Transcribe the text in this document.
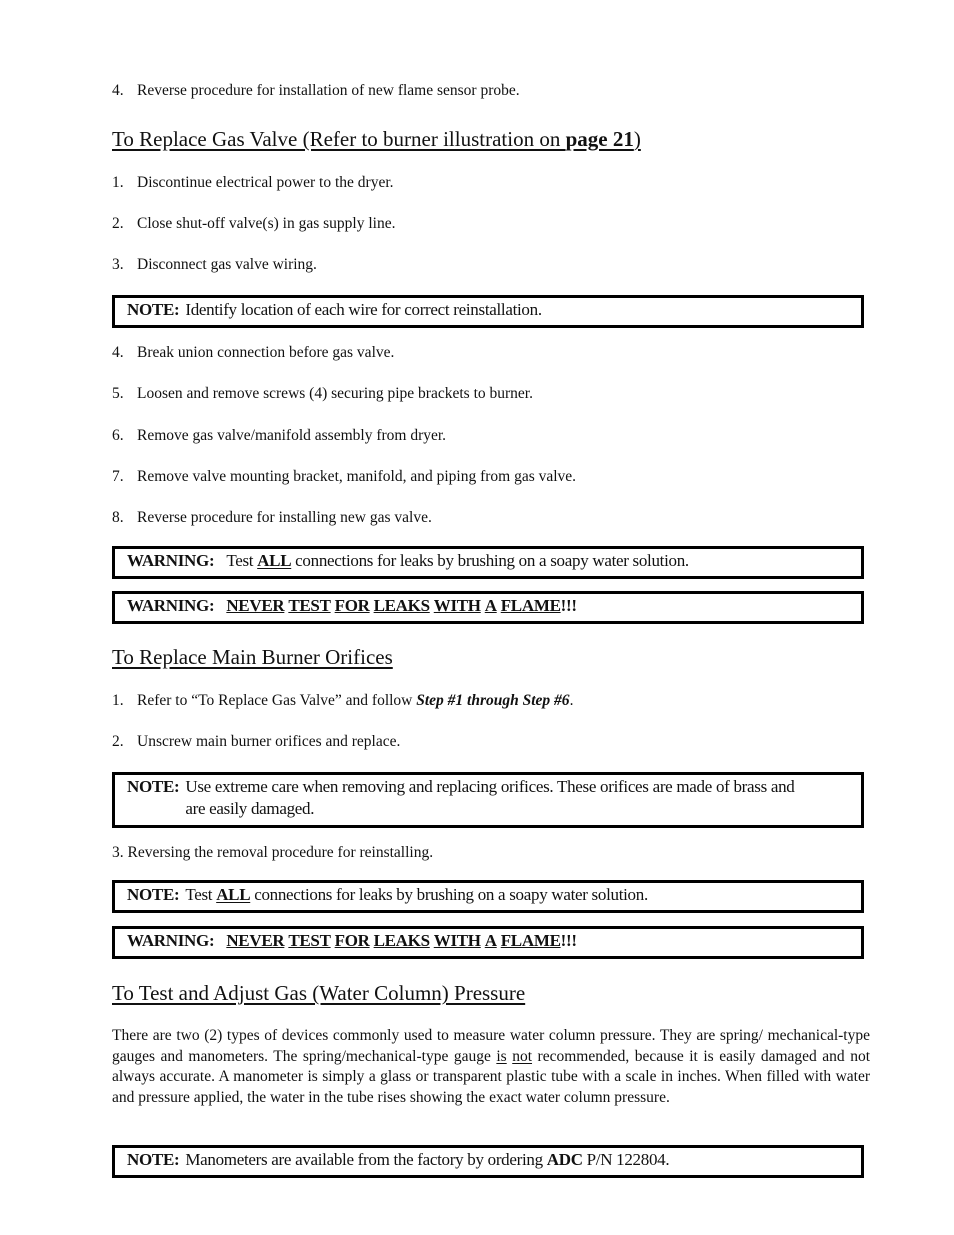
4. Reverse procedure for installation of new flame sensor probe.
To Replace Gas Valve (Refer to burner illustration on page 21)
1. Discontinue electrical power to the dryer.
2. Close shut-off valve(s) in gas supply line.
3. Disconnect gas valve wiring.
NOTE: Identify location of each wire for correct reinstallation.
4. Break union connection before gas valve.
5. Loosen and remove screws (4) securing pipe brackets to burner.
6. Remove gas valve/manifold assembly from dryer.
7. Remove valve mounting bracket, manifold, and piping from gas valve.
8. Reverse procedure for installing new gas valve.
WARNING: Test ALL connections for leaks by brushing on a soapy water solution.
WARNING: NEVER TEST FOR LEAKS WITH A FLAME!!!
To Replace Main Burner Orifices
1. Refer to “To Replace Gas Valve” and follow Step #1 through Step #6.
2. Unscrew main burner orifices and replace.
NOTE: Use extreme care when removing and replacing orifices. These orifices are made of brass and
are easily damaged.
3. Reversing the removal procedure for reinstalling.
NOTE: Test ALL connections for leaks by brushing on a soapy water solution.
WARNING: NEVER TEST FOR LEAKS WITH A FLAME!!!
To Test and Adjust Gas (Water Column) Pressure
There are two (2) types of devices commonly used to measure water column pressure. They are spring/ mechanical-type gauges and manometers. The spring/mechanical-type gauge is not recommended, because it is easily damaged and not always accurate. A manometer is simply a glass or transparent plastic tube with a scale in inches. When filled with water and pressure applied, the water in the tube rises showing the exact water column pressure.
NOTE: Manometers are available from the factory by ordering ADC P/N 122804.
